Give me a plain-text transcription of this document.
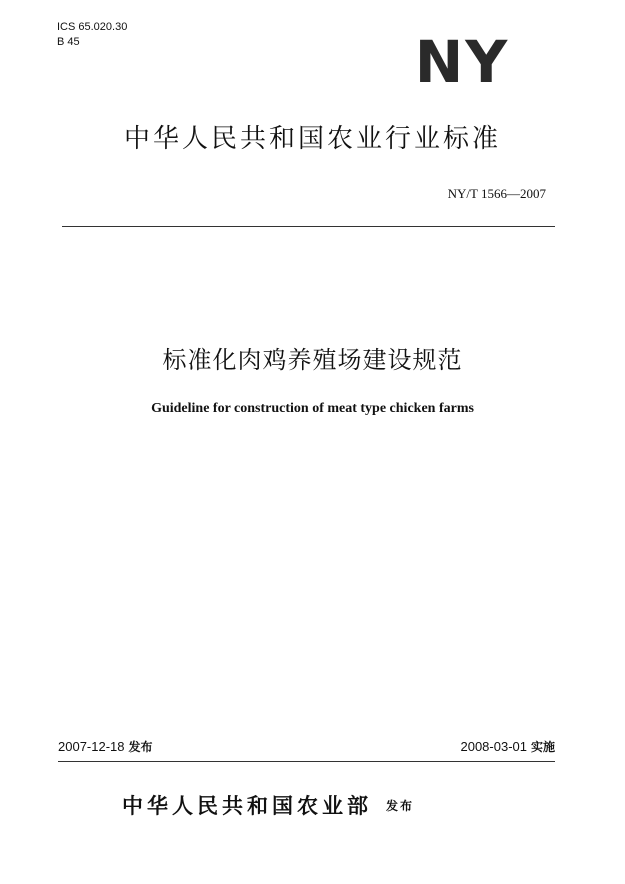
ICS 65.020.30
B 45	NY
中华人民共和国农业行业标准
NY/T 1566—2007
标准化肉鸡养殖场建设规范
Guideline for construction of meat type chicken farms
2007-12-18 发布	2008-03-01 实施
中华人民共和国农业部 发布
